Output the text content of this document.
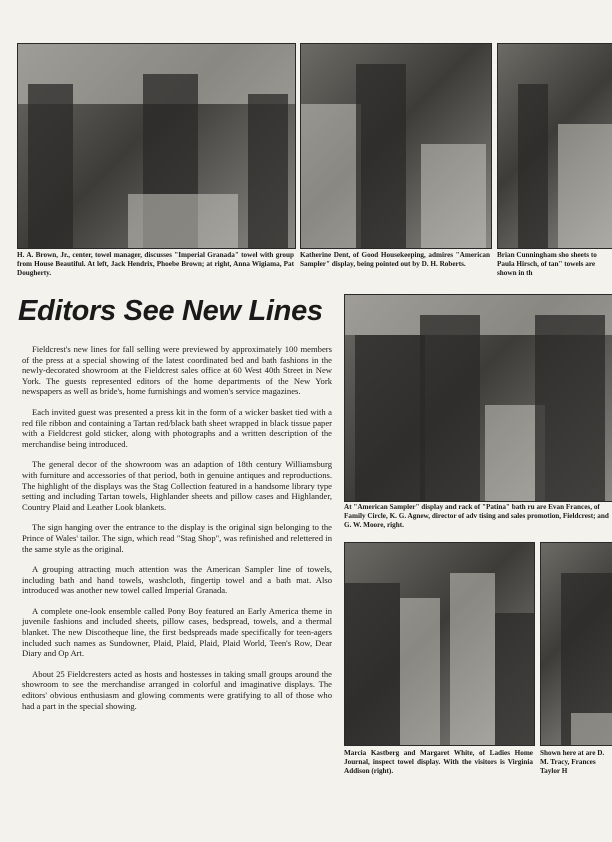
H. A. Brown, Jr., center, towel manager, discusses "Imperial Granada" towel with group from House Beautiful. At left, Jack Hendrix, Phoebe Brown; at right, Anna Wigiama, Pat Dougherty.

Katherine Dent, of Good Housekeeping, admires "American Sampler" display, being pointed out by D. H. Roberts.

Brian Cunningham sho sheets to Paula Hirsch, of tan" towels are shown in th

Editors See New Lines

Fieldcrest's new lines for fall selling were previewed by approximately 100 members of the press at a special showing of the latest coordinated bed and bath fashions in the newly-decorated showroom at the Fieldcrest sales office at 60 West 40th Street in New York. The guests represented editors of the home departments of the New York newspapers as well as bride's, home furnishings and women's service magazines.

Each invited guest was presented a press kit in the form of a wicker basket tied with a red file ribbon and containing a Tartan red/black bath sheet wrapped in black tissue paper with a Fieldcrest gold sticker, along with photographs and a written description of the merchandise being introduced.

The general decor of the showroom was an adaption of 18th century Williamsburg with furniture and accessories of that period, both in genuine antiques and reproductions. The highlight of the displays was the Stag Collection featured in a handsome library type setting and including Tartan towels, Highlander sheets and pillow cases and Highlander, Country Plaid and Leather Look blankets.

The sign hanging over the entrance to the display is the original sign belonging to the Prince of Wales' tailor. The sign, which read "Stag Shop", was refinished and relettered in the same style as the original.

A grouping attracting much attention was the American Sampler line of towels, including bath and hand towels, washcloth, fingertip towel and a bath mat. Also introduced was another new towel called Imperial Granada.

A complete one-look ensemble called Pony Boy featured an Early America theme in juvenile fashions and included sheets, pillow cases, bedspread, towels, and a thermal blanket. The new Discotheque line, the first bedspreads made specifically for teen-agers included such names as Sundowner, Plaid, Plaid, Plaid, Plaid World, Teen's Row, Dear Diary and Op Art.

About 25 Fieldcresters acted as hosts and hostesses in taking small groups around the showroom to see the merchandise arranged in colorful and imaginative displays. The editors' obvious enthusiasm and glowing comments were gratifying to all of those who had a part in the special showing.

At "American Sampler" display and rack of "Patina" bath ru are Evan Frances, of Family Circle, K. G. Agnew, director of adv tising and sales promotion, Fieldcrest; and G. W. Moore, right.

Marcia Kastberg and Margaret White, of Ladies Home Journal, inspect towel display. With the visitors is Virginia Addison (right).

Shown here at are D. M. Tracy, Frances Taylor H
